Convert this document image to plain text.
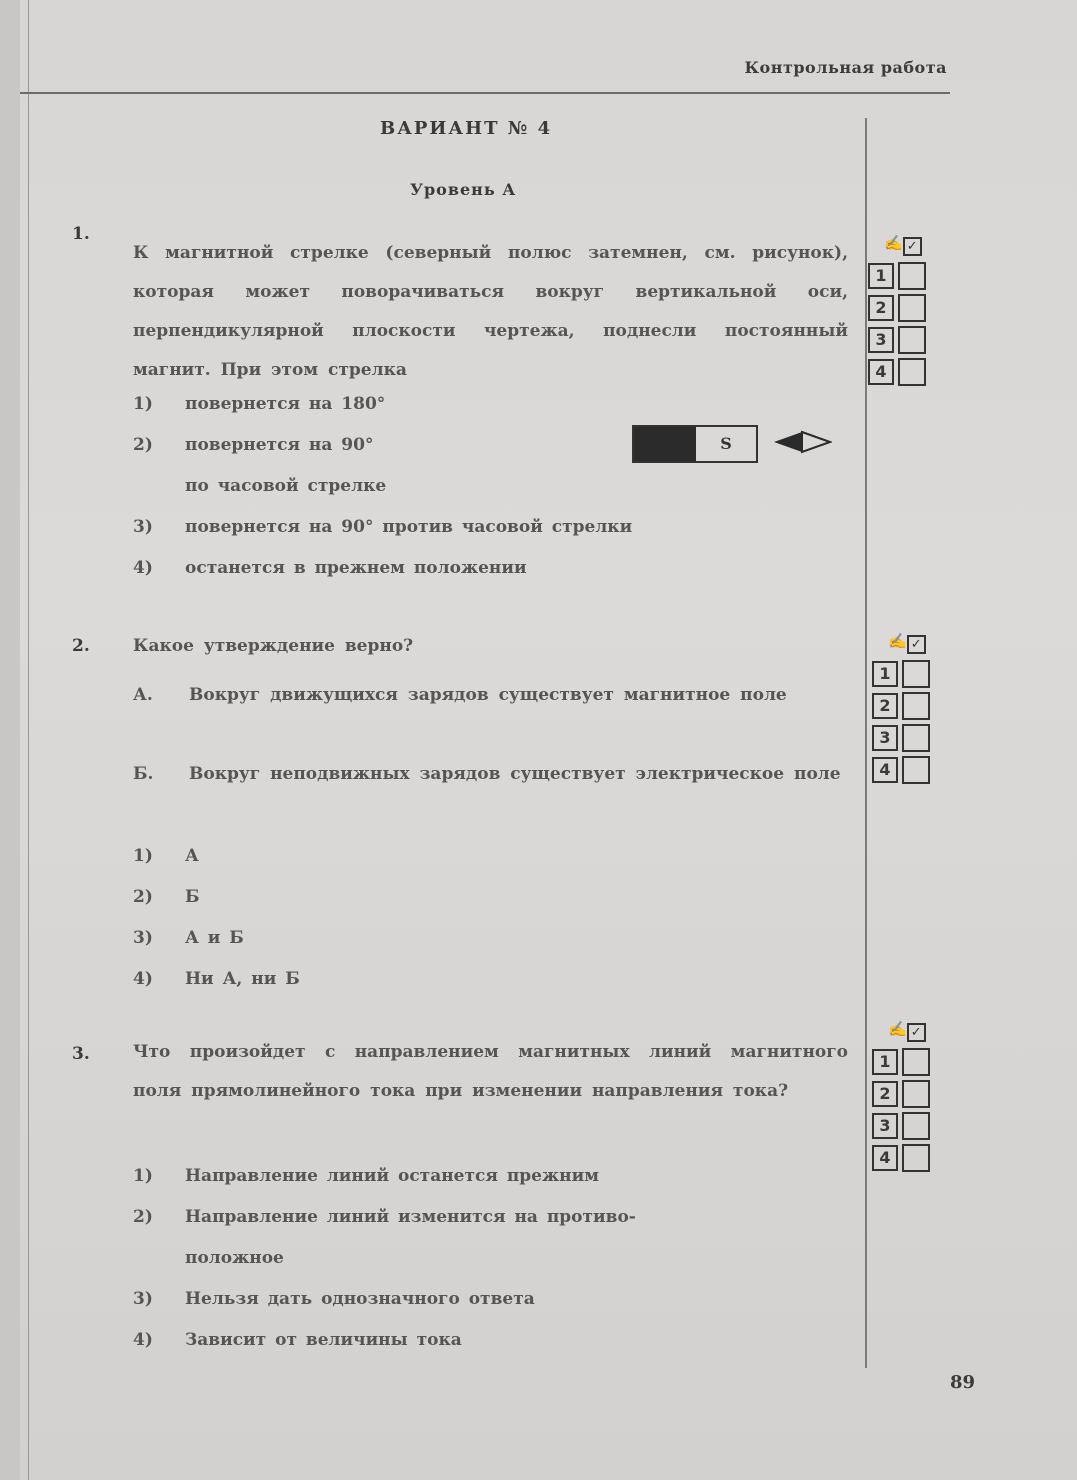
Контрольная работа
ВАРИАНТ № 4
Уровень А
1.
К магнитной стрелке (северный полюс затемнен, см. рисунок), которая может поворачиваться вокруг вертикальной оси, перпендикулярной плоскости чертежа, поднесли постоянный магнит. При этом стрелка
1) повернется на 180°
2) повернется на 90°
по часовой стрелке
3) повернется на 90° против часовой стрелки
4) останется в прежнем положении
S
✍ ✓
1
2
3
4
2.	Какое утверждение верно?
А. Вокруг движущихся зарядов существует магнитное поле
Б. Вокруг неподвижных зарядов существует электрическое поле
1) А
2) Б
3) А и Б
4) Ни А, ни Б
✍ ✓
1
2
3
4
3.	Что произойдет с направлением магнитных линий магнитного поля прямолинейного тока при изменении направления тока?
1) Направление линий останется прежним
2) Направление линий изменится на противо-
положное
3) Нельзя дать однозначного ответа
4) Зависит от величины тока
✍ ✓
1
2
3
4
89
